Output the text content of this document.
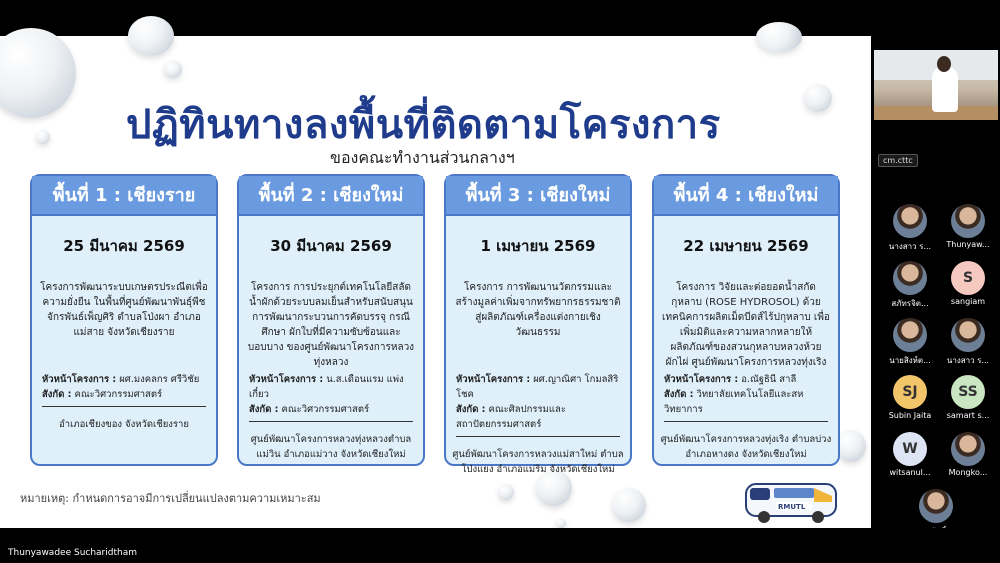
ปฏิทินทางลงพื้นที่ติดตามโครงการ
ของคณะทำงานส่วนกลางฯ
พื้นที่ 1 : เชียงราย
25 มีนาคม 2569
โครงการพัฒนาระบบเกษตรประณีตเพื่อความยั่งยืน ในพื้นที่ศูนย์พัฒนาพันธุ์พืชจักรพันธ์เพ็ญศิริ ตำบลโป่งผา อำเภอแม่สาย จังหวัดเชียงราย
หัวหน้าโครงการ : ผศ.มงคลกร ศรีวิชัย
สังกัด : คณะวิศวกรรมศาสตร์
อำเภอเชียงของ จังหวัดเชียงราย
พื้นที่ 2 : เชียงใหม่
30 มีนาคม 2569
โครงการ การประยุกต์เทคโนโลยีสลัดน้ำผักด้วยระบบลมเย็นสำหรับสนับสนุนการพัฒนากระบวนการคัดบรรจุ กรณีศึกษา ผักใบที่มีความซับซ้อนและบอบบาง ของศูนย์พัฒนาโครงการหลวงทุ่งหลวง
หัวหน้าโครงการ : น.ส.เดือนแรม แพ่งเกี๋ยว
สังกัด : คณะวิศวกรรมศาสตร์
ศูนย์พัฒนาโครงการหลวงทุ่งหลวงตำบลแม่วิน อำเภอแม่วาง จังหวัดเชียงใหม่
พื้นที่ 3 : เชียงใหม่
1 เมษายน 2569
โครงการ การพัฒนานวัตกรรมและสร้างมูลค่าเพิ่มจากทรัพยากรธรรมชาติสู่ผลิตภัณฑ์เครื่องแต่งกายเชิงวัฒนธรรม
หัวหน้าโครงการ : ผศ.ญาณิศา โกมลสิริโชค
สังกัด : คณะศิลปกรรมและสถาปัตยกรรมศาสตร์
ศูนย์พัฒนาโครงการหลวงแม่สาใหม่ ตำบลโป่งแยง อำเภอแม่ริม จังหวัดเชียงใหม่
พื้นที่ 4 : เชียงใหม่
22 เมษายน 2569
โครงการ วิจัยและต่อยอดน้ำสกัดกุหลาบ (ROSE HYDROSOL) ด้วยเทคนิคการผลิตเม็ดบีดส์ไร้ปกุหลาบ เพื่อเพิ่มมิติและความหลากหลายให้ผลิตภัณฑ์ของสวนกุหลาบหลวงห้วยผักไผ่ ศูนย์พัฒนาโครงการหลวงทุ่งเริง
หัวหน้าโครงการ : อ.ณัฐธินี สาลี
สังกัด : วิทยาลัยเทคโนโลยีและสหวิทยาการ
ศูนย์พัฒนาโครงการหลวงทุ่งเริง ตำบลบ่วง อำเภอหางดง จังหวัดเชียงใหม่
หมายเหตุ: กำหนดการอาจมีการเปลี่ยนแปลงตามความเหมาะสม
RMUTL
cm.cttc
นางสาว ร...	Thunyaw...
สภัทรจิต...
S
sangiam
นายสิงห์ต...	นางสาว ร...
SJ
Subin Jaita
SS
samart s...
W
witsanul...	Mongko...
Thunyawadee Sucharidtham
